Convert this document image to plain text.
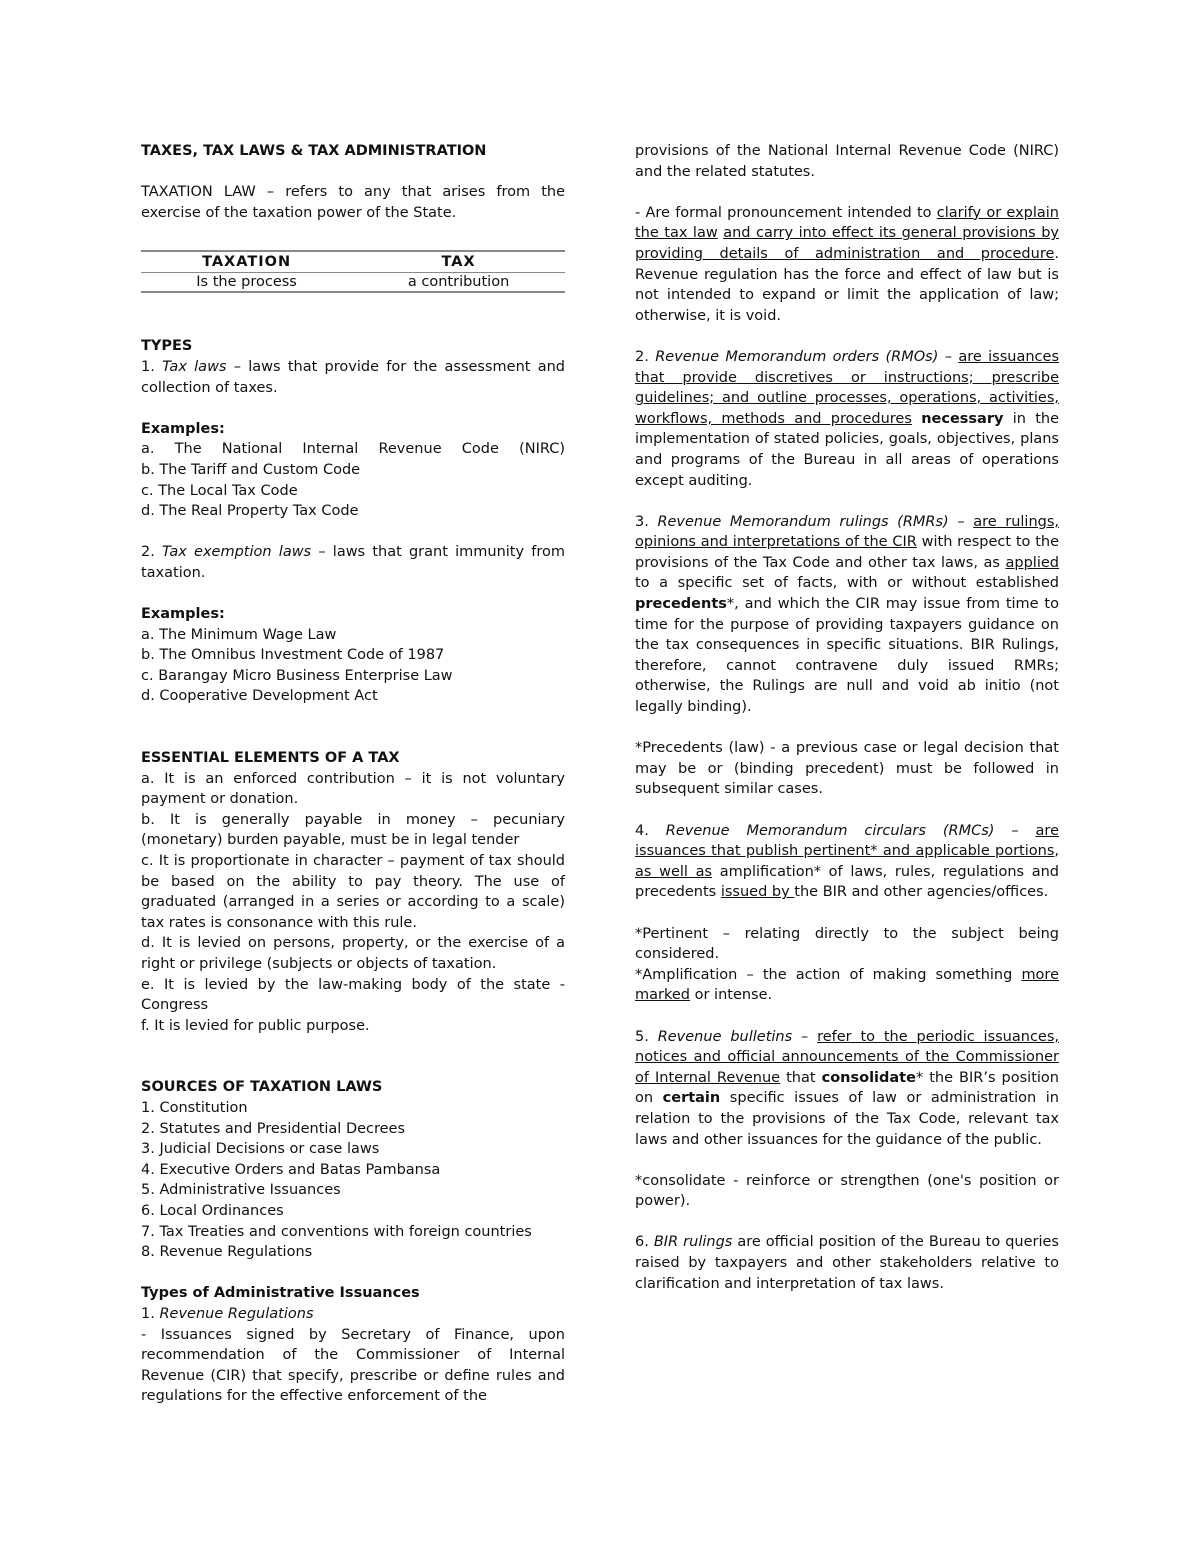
TAXES, TAX LAWS & TAX ADMINISTRATION

TAXATION LAW – refers to any that arises from the exercise of the taxation power of the State.

TAXATION	TAX
Is the process	a contribution

TYPES

1. Tax laws – laws that provide for the assessment and collection of taxes.

Examples:

a. The National Internal Revenue Code (NIRC)

b. The Tariff and Custom Code

c. The Local Tax Code

d. The Real Property Tax Code

2. Tax exemption laws – laws that grant immunity from taxation.

Examples:

a. The Minimum Wage Law

b. The Omnibus Investment Code of 1987

c. Barangay Micro Business Enterprise Law

d. Cooperative Development Act

ESSENTIAL ELEMENTS OF A TAX

a. It is an enforced contribution – it is not voluntary payment or donation.

b. It is generally payable in money – pecuniary (monetary) burden payable, must be in legal tender

c. It is proportionate in character – payment of tax should be based on the ability to pay theory. The use of graduated (arranged in a series or according to a scale) tax rates is consonance with this rule.

d. It is levied on persons, property, or the exercise of a right or privilege (subjects or objects of taxation.

e. It is levied by the law-making body of the state - Congress

f. It is levied for public purpose.

SOURCES OF TAXATION LAWS

1. Constitution

2. Statutes and Presidential Decrees

3. Judicial Decisions or case laws

4. Executive Orders and Batas Pambansa

5. Administrative Issuances

6. Local Ordinances

7. Tax Treaties and conventions with foreign countries

8. Revenue Regulations

Types of Administrative Issuances

1. Revenue Regulations

- Issuances signed by Secretary of Finance, upon recommendation of the Commissioner of Internal Revenue (CIR) that specify, prescribe or define rules and regulations for the effective enforcement of the

provisions of the National Internal Revenue Code (NIRC) and the related statutes.

- Are formal pronouncement intended to clarify or explain the tax law and carry into effect its general provisions by providing details of administration and procedure. Revenue regulation has the force and effect of law but is not intended to expand or limit the application of law; otherwise, it is void.

2. Revenue Memorandum orders (RMOs) – are issuances that provide discretives or instructions; prescribe guidelines; and outline processes, operations, activities, workflows, methods and procedures necessary in the implementation of stated policies, goals, objectives, plans and programs of the Bureau in all areas of operations except auditing.

3. Revenue Memorandum rulings (RMRs) – are rulings, opinions and interpretations of the CIR with respect to the provisions of the Tax Code and other tax laws, as applied to a specific set of facts, with or without established precedents*, and which the CIR may issue from time to time for the purpose of providing taxpayers guidance on the tax consequences in specific situations. BIR Rulings, therefore, cannot contravene duly issued RMRs; otherwise, the Rulings are null and void ab initio (not legally binding).

*Precedents (law) - a previous case or legal decision that may be or (binding precedent) must be followed in subsequent similar cases.

4. Revenue Memorandum circulars (RMCs) – are issuances that publish pertinent* and applicable portions, as well as amplification* of laws, rules, regulations and precedents issued by the BIR and other agencies/offices.

*Pertinent – relating directly to the subject being considered.

*Amplification – the action of making something more marked or intense.

5. Revenue bulletins – refer to the periodic issuances, notices and official announcements of the Commissioner of Internal Revenue that consolidate* the BIR’s position on certain specific issues of law or administration in relation to the provisions of the Tax Code, relevant tax laws and other issuances for the guidance of the public.

*consolidate - reinforce or strengthen (one's position or power).

6. BIR rulings are official position of the Bureau to queries raised by taxpayers and other stakeholders relative to clarification and interpretation of tax laws.
